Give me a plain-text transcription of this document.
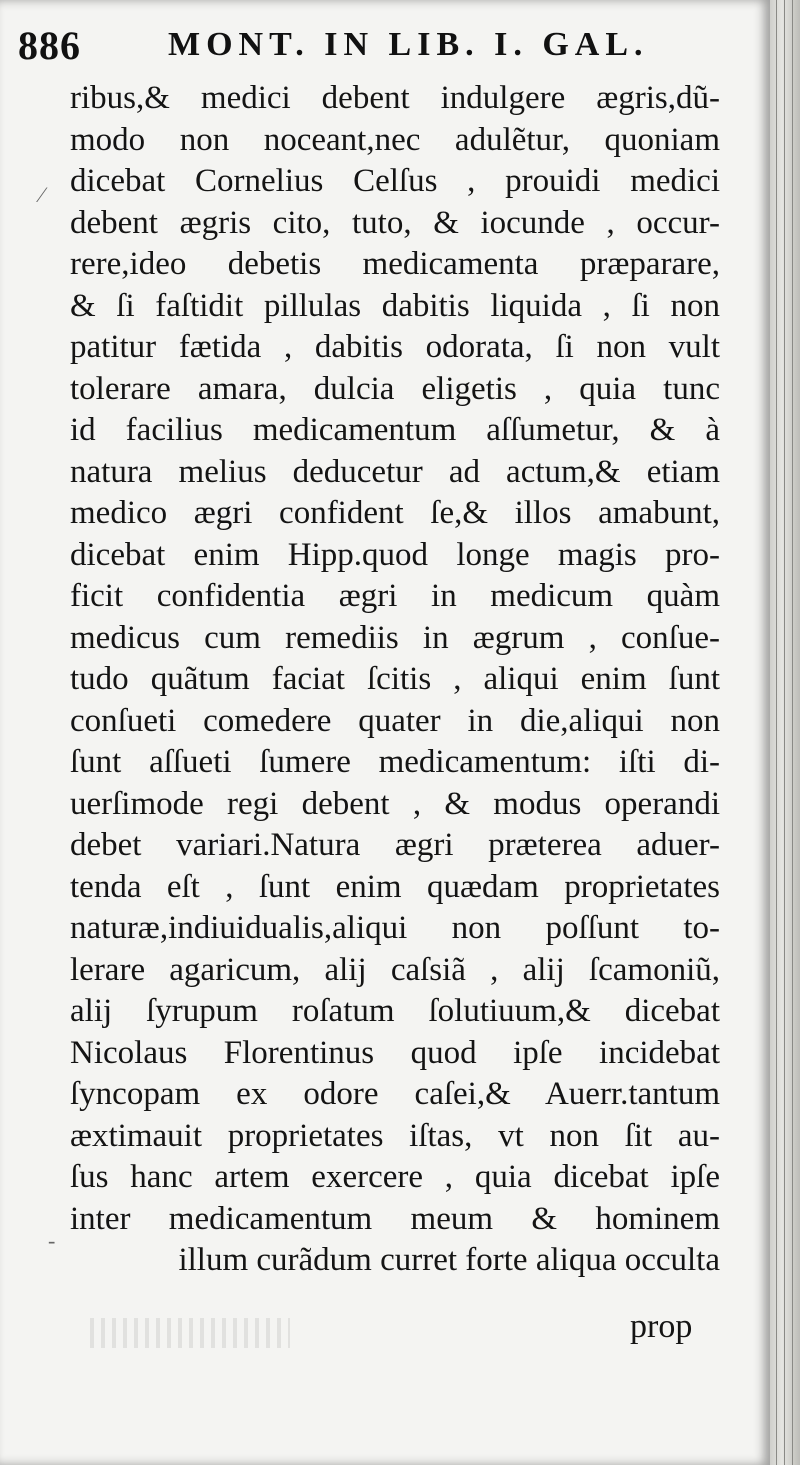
886	MONT. IN LIB. I. GAL.
ribus,& medici debent indulgere ægris,dũ-
modo non noceant,nec adulẽtur, quoniam
dicebat Cornelius Celſus , prouidi medici
debent ægris cito, tuto, & iocunde , occur-
rere,ideo debetis medicamenta præparare,
& ſi faſtidit pillulas dabitis liquida , ſi non
patitur fætida , dabitis odorata, ſi non vult
tolerare amara, dulcia eligetis , quia tunc
id facilius medicamentum aſſumetur, & à
natura melius deducetur ad actum,& etiam
medico ægri confident ſe,& illos amabunt,
dicebat enim Hipp.quod longe magis pro-
ficit confidentia ægri in medicum quàm
medicus cum remediis in ægrum , conſue-
tudo quãtum faciat ſcitis , aliqui enim ſunt
conſueti comedere quater in die,aliqui non
ſunt aſſueti ſumere medicamentum: iſti di-
uerſimode regi debent , & modus operandi
debet variari.Natura ægri præterea aduer-
tenda eſt , ſunt enim quædam proprietates
naturæ,indiuidualis,aliqui non poſſunt to-
lerare agaricum, alij caſsiã , alij ſcamoniũ,
alij ſyrupum roſatum ſolutiuum,& dicebat
Nicolaus Florentinus quod ipſe incidebat
ſyncopam ex odore caſei,& Auerr.tantum
æxtimauit proprietates iſtas, vt non ſit au-
ſus hanc artem exercere , quia dicebat ipſe
inter medicamentum meum & hominem
illum curãdum curret forte aliqua occulta
⁄
-
prop
